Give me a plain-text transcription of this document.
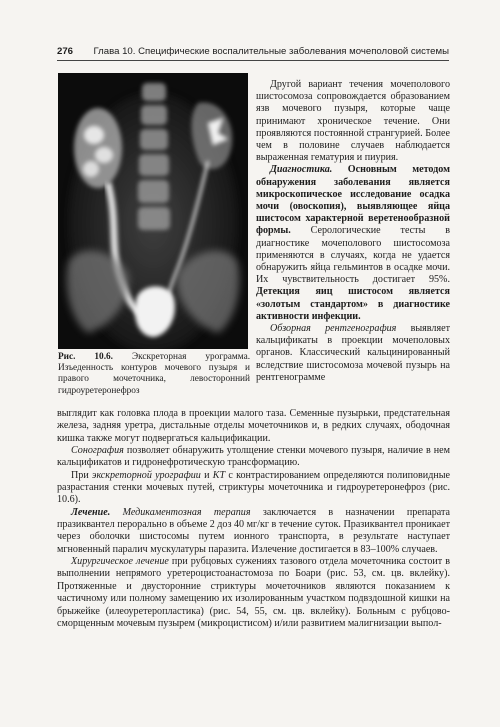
276 Глава 10. Специфические воспалительные заболевания мочеполовой системы
Рис. 10.6. Экскреторная урограмма. Изъеденность контуров мочевого пузыря и правого мочеточника, левосторонний гидроуретеронефроз

Другой вариант течения мочеполового шистосомоза сопровождается образованием язв мочевого пузыря, которые чаще принимают хроническое течение. Они проявляются постоянной странгурией. Более чем в половине случаев наблюдается выраженная гематурия и пиурия.

Диагностика. Основным методом обнаружения заболевания является микроскопическое исследование осадка мочи (овоскопия), выявляющее яйца шистосом характерной веретенообразной формы. Серологические тесты в диагностике мочеполового шистосомоза применяются в случаях, когда не удается обнаружить яйца гельминтов в осадке мочи. Их чувствительность достигает 95%. Детекция яиц шистосом является «золотым стандартом» в диагностике активности инфекции.

Обзорная рентгенография выявляет кальцификаты в проекции мочеполовых органов. Классический кальцинированный вследствие шистосомоза мочевой пузырь на рентгенограмме

выглядит как головка плода в проекции малого таза. Семенные пузырьки, предстательная железа, задняя уретра, дистальные отделы мочеточников и, в редких случаях, ободочная кишка также могут подвергаться кальцификации.

Сонография позволяет обнаружить утолщение стенки мочевого пузыря, наличие в нем кальцификатов и гидронефротическую трансформацию.

При экскреторной урографии и КТ с контрастированием определяются полиповидные разрастания стенки мочевых путей, стриктуры мочеточника и гидроуретеронефроз (рис. 10.6).

Лечение. Медикаментозная терапия заключается в назначении препарата празиквантел перорально в объеме 2 доз 40 мг/кг в течение суток. Празиквантел проникает через оболочки шистосомы путем ионного транспорта, в результате наступает мгновенный паралич мускулатуры паразита. Излечение достигается в 83–100% случаев.

Хирургическое лечение при рубцовых сужениях тазового отдела мочеточника состоит в выполнении непрямого уретероцистоанастомоза по Боари (рис. 53, см. цв. вклейку). Протяженные и двусторонние стриктуры мочеточников являются показанием к частичному или полному замещению их изолированным участком подвздошной кишки на брыжейке (илеоуретеропластика) (рис. 54, 55, см. цв. вклейку). Больным с рубцово-сморщенным мочевым пузырем (микроцистисом) и/или развитием малигнизации выпол-
